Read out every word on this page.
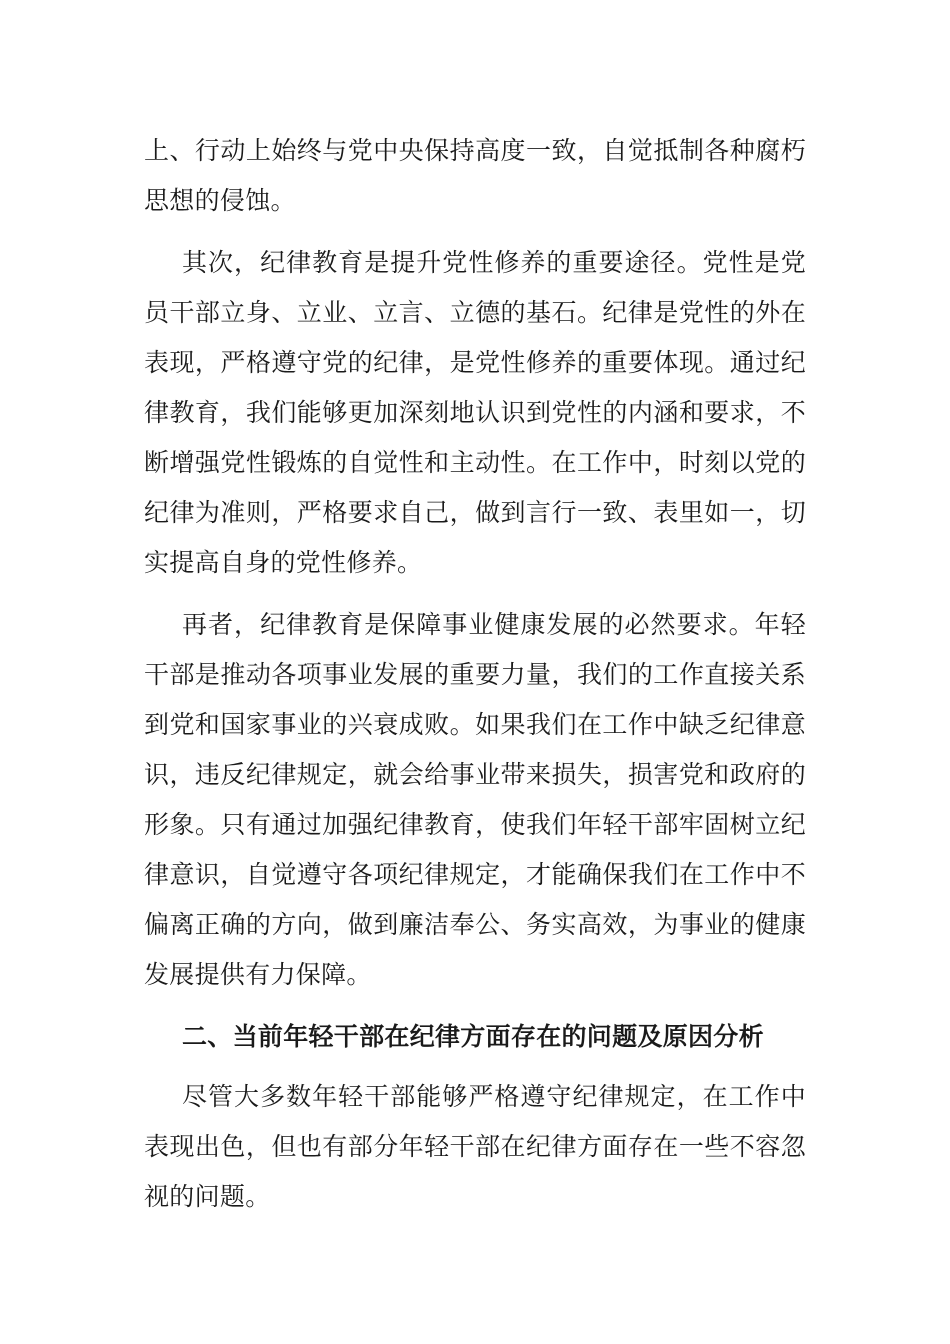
上、行动上始终与党中央保持高度一致，自觉抵制各种腐朽思想的侵蚀。

其次，纪律教育是提升党性修养的重要途径。党性是党员干部立身、立业、立言、立德的基石。纪律是党性的外在表现，严格遵守党的纪律，是党性修养的重要体现。通过纪律教育，我们能够更加深刻地认识到党性的内涵和要求，不断增强党性锻炼的自觉性和主动性。在工作中，时刻以党的纪律为准则，严格要求自己，做到言行一致、表里如一，切实提高自身的党性修养。

再者，纪律教育是保障事业健康发展的必然要求。年轻干部是推动各项事业发展的重要力量，我们的工作直接关系到党和国家事业的兴衰成败。如果我们在工作中缺乏纪律意识，违反纪律规定，就会给事业带来损失，损害党和政府的形象。只有通过加强纪律教育，使我们年轻干部牢固树立纪律意识，自觉遵守各项纪律规定，才能确保我们在工作中不偏离正确的方向，做到廉洁奉公、务实高效，为事业的健康发展提供有力保障。

二、当前年轻干部在纪律方面存在的问题及原因分析

尽管大多数年轻干部能够严格遵守纪律规定，在工作中表现出色，但也有部分年轻干部在纪律方面存在一些不容忽视的问题。
